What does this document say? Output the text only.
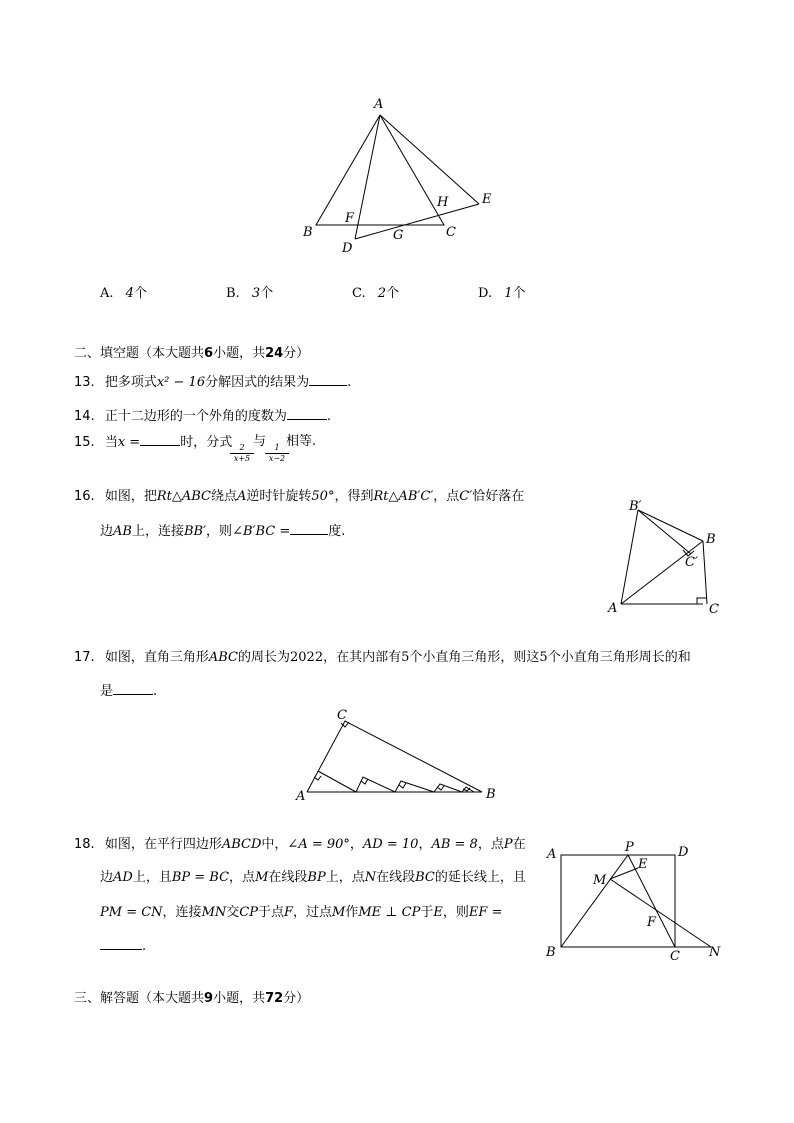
A
B	C
D
E
F
G
H
A. 4个	B. 3个	C. 2个	D. 1个
二、填空题（本大题共6小题，共24分）
13. 把多项式x² − 16分解因式的结果为	.
14. 正十二边形的一个外角的度数为	.
15. 当x =	时，分式
$\frac{2}{x+5}$
与
$\frac{1}{x-2}$
相等.
16. 如图，把Rt△ABC绕点A逆时针旋转50°，得到Rt△AB′C′，点C′恰好落在
边AB上，连接BB′，则∠B′BC =	度.
B′
B
C′
A	C
17. 如图，直角三角形ABC的周长为2022，在其内部有5个小直角三角形，则这5个小直角三角形周长的和
是	.
C
A	B
18. 如图，在平行四边形ABCD中，∠A = 90°，AD = 10，AB = 8，点P在
边AD上，且BP = BC，点M在线段BP上，点N在线段BC的延长线上，且
PM = CN，连接MN交CP于点F，过点M作ME ⊥ CP于E，则EF =
.
A	P	D
E
M
F
B	C N
三、解答题（本大题共9小题，共72分）
